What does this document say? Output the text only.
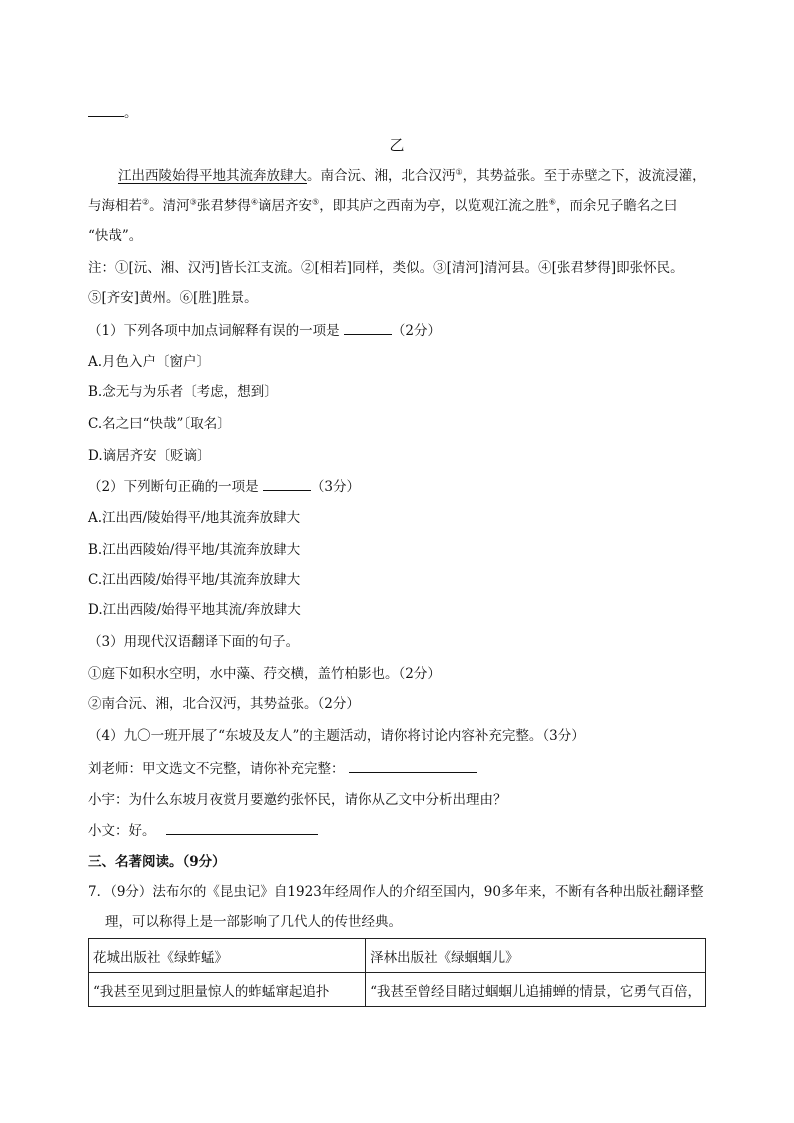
。
乙
江出西陵始得平地其流奔放肆大。南合沅、湘，北合汉沔①，其势益张。至于赤壁之下，波流浸灌，
与海相若②。清河③张君梦得④谪居齐安⑤，即其庐之西南为亭，以览观江流之胜⑥，而余兄子瞻名之曰
“快哉”。
注：①[沅、湘、汉沔]皆长江支流。②[相若]同样，类似。③[清河]清河县。④[张君梦得]即张怀民。
⑤[齐安]黄州。⑥[胜]胜景。
（1）下列各项中加点词解释有误的一项是	（2分）
A.月色入户〔窗户〕
B.念无与为乐者〔考虑，想到〕
C.名之曰“快哉”〔取名〕
D.谪居齐安〔贬谪〕
（2）下列断句正确的一项是	（3分）
A.江出西/陵始得平/地其流奔放肆大
B.江出西陵始/得平地/其流奔放肆大
C.江出西陵/始得平地/其流奔放肆大
D.江出西陵/始得平地其流/奔放肆大
（3）用现代汉语翻译下面的句子。
①庭下如积水空明，水中藻、荇交横，盖竹柏影也。（2分）
②南合沅、湘，北合汉沔，其势益张。（2分）
（4）九〇一班开展了“东坡及友人”的主题活动，请你将讨论内容补充完整。（3分）
刘老师：甲文选文不完整，请你补充完整：
小宇：为什么东坡月夜赏月要邀约张怀民，请你从乙文中分析出理由？
小文：好。
三、名著阅读。（9分）
7．（9分）法布尔的《昆虫记》自1923年经周作人的介绍至国内，90多年来，不断有各种出版社翻译整
理，可以称得上是一部影响了几代人的传世经典。
花城出版社《绿蚱蜢》	泽林出版社《绿蝈蝈儿》
“我甚至见到过胆量惊人的蚱蜢窜起追扑	“我甚至曾经目睹过蝈蝈儿追捕蝉的情景，它勇气百倍，
